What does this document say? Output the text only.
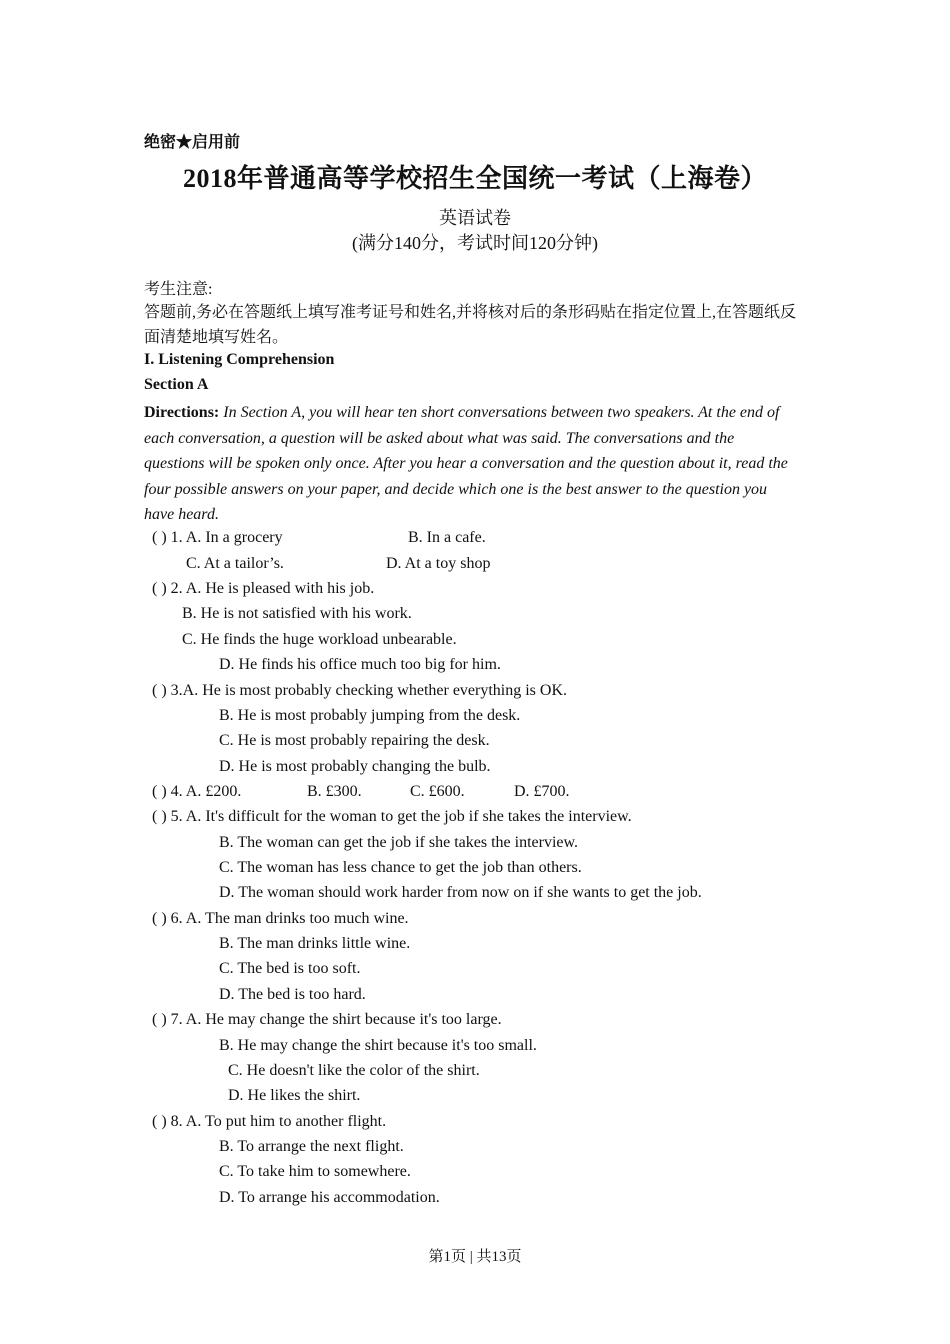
绝密★启用前
2018年普通高等学校招生全国统一考试（上海卷）
英语试卷
(满分140分，考试时间120分钟)
考生注意:
答题前,务必在答题纸上填写准考证号和姓名,并将核对后的条形码贴在指定位置上,在答题纸反面清楚地填写姓名。
I. Listening Comprehension
Section A
Directions: In Section A, you will hear ten short conversations between two speakers. At the end of each conversation, a question will be asked about what was said. The conversations and the questions will be spoken only once. After you hear a conversation and the question about it, read the four possible answers on your paper, and decide which one is the best answer to the question you have heard.
( ) 1. A. In a grocery	B. In a cafe.
C. At a tailor’s.	D. At a toy shop
( ) 2. A. He is pleased with his job.
B. He is not satisfied with his work.
C. He finds the huge workload unbearable.
D. He finds his office much too big for him.
( ) 3.A. He is most probably checking whether everything is OK.
B. He is most probably jumping from the desk.
C. He is most probably repairing the desk.
D. He is most probably changing the bulb.
( ) 4. A. £200.	B. £300.	C. £600.	D. £700.
( ) 5. A. It's difficult for the woman to get the job if she takes the interview.
B. The woman can get the job if she takes the interview.
C. The woman has less chance to get the job than others.
D. The woman should work harder from now on if she wants to get the job.
( ) 6. A. The man drinks too much wine.
B. The man drinks little wine.
C. The bed is too soft.
D. The bed is too hard.
( ) 7. A. He may change the shirt because it's too large.
B. He may change the shirt because it's too small.
C. He doesn't like the color of the shirt.
D. He likes the shirt.
( ) 8. A. To put him to another flight.
B. To arrange the next flight.
C. To take him to somewhere.
D. To arrange his accommodation.
第1页 | 共13页
